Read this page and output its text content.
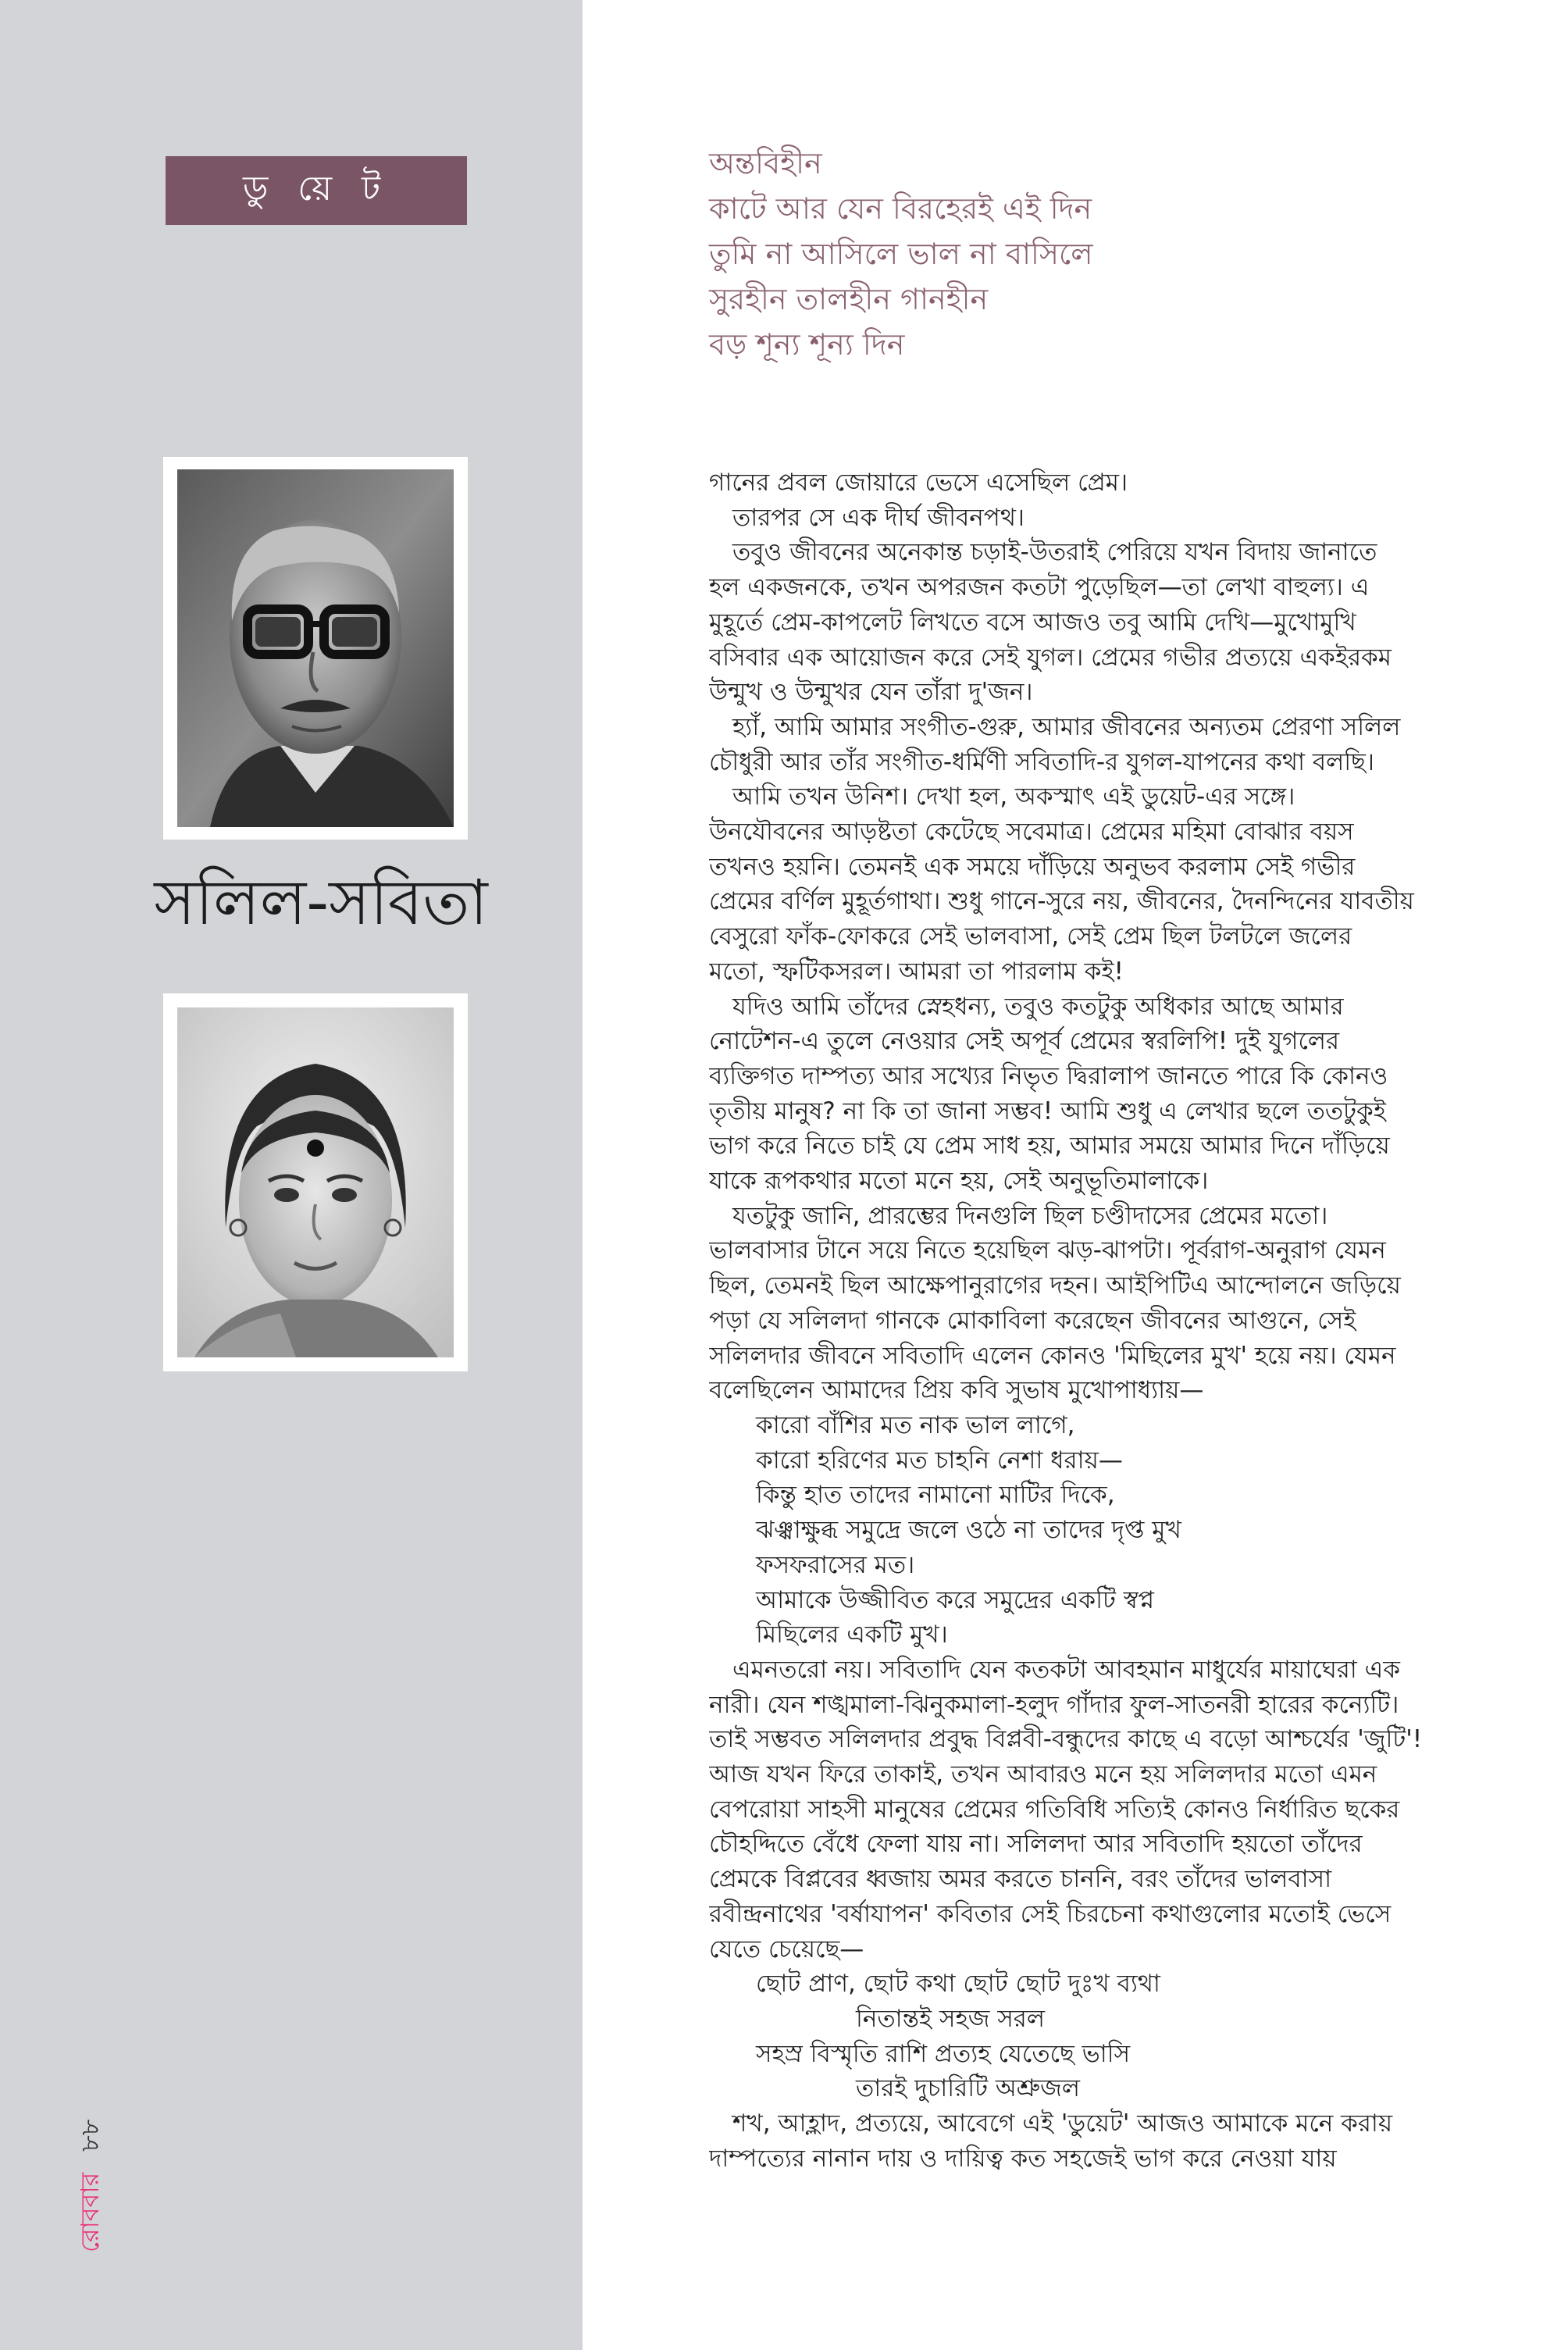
ডু য়ে ট
সলিল-সবিতা
রোববার ৮৮
অন্তবিহীন
কাটে আর যেন বিরহেরই এই দিন
তুমি না আসিলে ভাল না বাসিলে
সুরহীন তালহীন গানহীন
বড় শূন্য শূন্য দিন
গানের প্রবল জোয়ারে ভেসে এসেছিল প্রেম।
তারপর সে এক দীর্ঘ জীবনপথ।
তবুও জীবনের অনেকান্ত চড়াই-উতরাই পেরিয়ে যখন বিদায় জানাতে
হল একজনকে, তখন অপরজন কতটা পুড়েছিল—তা লেখা বাহুল্য। এ
মুহূর্তে প্রেম-কাপলেট লিখতে বসে আজও তবু আমি দেখি—মুখোমুখি
বসিবার এক আয়োজন করে সেই যুগল। প্রেমের গভীর প্রত্যয়ে একইরকম
উন্মুখ ও উন্মুখর যেন তাঁরা দু'জন।
হ্যাঁ, আমি আমার সংগীত-গুরু, আমার জীবনের অন্যতম প্রেরণা সলিল
চৌধুরী আর তাঁর সংগীত-ধর্মিণী সবিতাদি-র যুগল-যাপনের কথা বলছি।
আমি তখন উনিশ। দেখা হল, অকস্মাৎ এই ডুয়েট-এর সঙ্গে।
উনযৌবনের আড়ষ্টতা কেটেছে সবেমাত্র। প্রেমের মহিমা বোঝার বয়স
তখনও হয়নি। তেমনই এক সময়ে দাঁড়িয়ে অনুভব করলাম সেই গভীর
প্রেমের বর্ণিল মুহূর্তগাথা। শুধু গানে-সুরে নয়, জীবনের, দৈনন্দিনের যাবতীয়
বেসুরো ফাঁক-ফোকরে সেই ভালবাসা, সেই প্রেম ছিল টলটলে জলের
মতো, স্ফটিকসরল। আমরা তা পারলাম কই!
যদিও আমি তাঁদের স্নেহধন্য, তবুও কতটুকু অধিকার আছে আমার
নোটেশন-এ তুলে নেওয়ার সেই অপূর্ব প্রেমের স্বরলিপি! দুই যুগলের
ব্যক্তিগত দাম্পত্য আর সখ্যের নিভৃত দ্বিরালাপ জানতে পারে কি কোনও
তৃতীয় মানুষ? না কি তা জানা সম্ভব! আমি শুধু এ লেখার ছলে ততটুকুই
ভাগ করে নিতে চাই যে প্রেম সাধ হয়, আমার সময়ে আমার দিনে দাঁড়িয়ে
যাকে রূপকথার মতো মনে হয়, সেই অনুভূতিমালাকে।
যতটুকু জানি, প্রারম্ভের দিনগুলি ছিল চণ্ডীদাসের প্রেমের মতো।
ভালবাসার টানে সয়ে নিতে হয়েছিল ঝড়-ঝাপটা। পূর্বরাগ-অনুরাগ যেমন
ছিল, তেমনই ছিল আক্ষেপানুরাগের দহন। আইপিটিএ আন্দোলনে জড়িয়ে
পড়া যে সলিলদা গানকে মোকাবিলা করেছেন জীবনের আগুনে, সেই
সলিলদার জীবনে সবিতাদি এলেন কোনও 'মিছিলের মুখ' হয়ে নয়। যেমন
বলেছিলেন আমাদের প্রিয় কবি সুভাষ মুখোপাধ্যায়—
কারো বাঁশির মত নাক ভাল লাগে,
কারো হরিণের মত চাহনি নেশা ধরায়—
কিন্তু হাত তাদের নামানো মাটির দিকে,
ঝঞ্ঝাক্ষুব্ধ সমুদ্রে জলে ওঠে না তাদের দৃপ্ত মুখ
ফসফরাসের মত।
আমাকে উজ্জীবিত করে সমুদ্রের একটি স্বপ্ন
মিছিলের একটি মুখ।
এমনতরো নয়। সবিতাদি যেন কতকটা আবহমান মাধুর্যের মায়াঘেরা এক
নারী। যেন শঙ্খমালা-ঝিনুকমালা-হলুদ গাঁদার ফুল-সাতনরী হারের কন্যেটি।
তাই সম্ভবত সলিলদার প্রবুদ্ধ বিপ্লবী-বন্ধুদের কাছে এ বড়ো আশ্চর্যের 'জুটি'!
আজ যখন ফিরে তাকাই, তখন আবারও মনে হয় সলিলদার মতো এমন
বেপরোয়া সাহসী মানুষের প্রেমের গতিবিধি সত্যিই কোনও নির্ধারিত ছকের
চৌহদ্দিতে বেঁধে ফেলা যায় না। সলিলদা আর সবিতাদি হয়তো তাঁদের
প্রেমকে বিপ্লবের ধ্বজায় অমর করতে চাননি, বরং তাঁদের ভালবাসা
রবীন্দ্রনাথের 'বর্ষাযাপন' কবিতার সেই চিরচেনা কথাগুলোর মতোই ভেসে
যেতে চেয়েছে—
ছোট প্রাণ, ছোট কথা ছোট ছোট দুঃখ ব্যথা
নিতান্তই সহজ সরল
সহস্র বিস্মৃতি রাশি প্রত্যহ যেতেছে ভাসি
তারই দুচারিটি অশ্রুজল
শখ, আহ্লাদ, প্রত্যয়ে, আবেগে এই 'ডুয়েট' আজও আমাকে মনে করায়
দাম্পত্যের নানান দায় ও দায়িত্ব কত সহজেই ভাগ করে নেওয়া যায়
